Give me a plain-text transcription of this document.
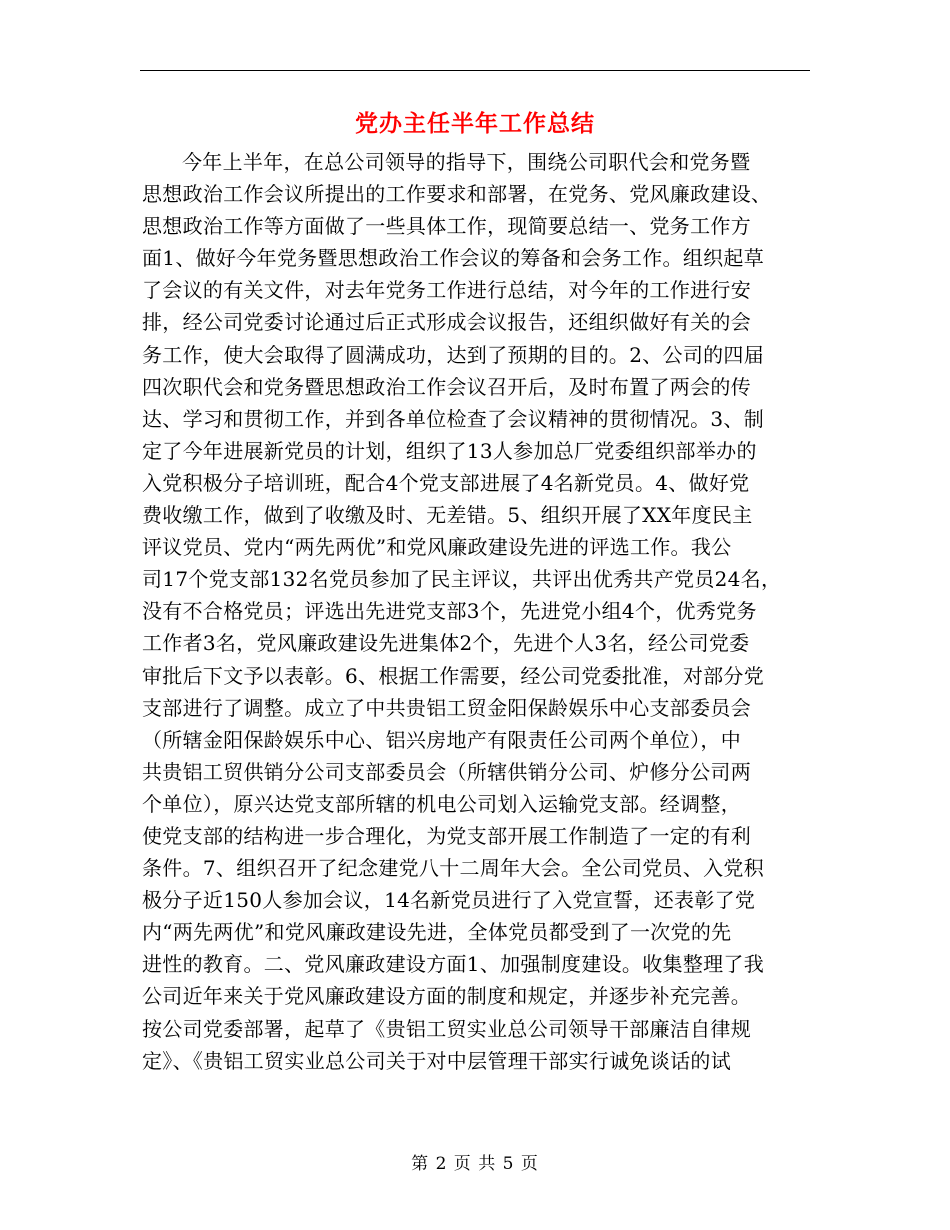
党办主任半年工作总结
今年上半年，在总公司领导的指导下，围绕公司职代会和党务暨
思想政治工作会议所提出的工作要求和部署，在党务、党风廉政建设、
思想政治工作等方面做了一些具体工作，现简要总结一、党务工作方
面1、做好今年党务暨思想政治工作会议的筹备和会务工作。组织起草
了会议的有关文件，对去年党务工作进行总结，对今年的工作进行安
排，经公司党委讨论通过后正式形成会议报告，还组织做好有关的会
务工作，使大会取得了圆满成功，达到了预期的目的。2、公司的四届
四次职代会和党务暨思想政治工作会议召开后，及时布置了两会的传
达、学习和贯彻工作，并到各单位检查了会议精神的贯彻情况。3、制
定了今年进展新党员的计划，组织了13人参加总厂党委组织部举办的
入党积极分子培训班，配合4个党支部进展了4名新党员。4、做好党
费收缴工作，做到了收缴及时、无差错。5、组织开展了XX年度民主
评议党员、党内“两先两优”和党风廉政建设先进的评选工作。我公
司17个党支部132名党员参加了民主评议，共评出优秀共产党员24名，
没有不合格党员；评选出先进党支部3个，先进党小组4个，优秀党务
工作者3名，党风廉政建设先进集体2个，先进个人3名，经公司党委
审批后下文予以表彰。6、根据工作需要，经公司党委批准，对部分党
支部进行了调整。成立了中共贵铝工贸金阳保龄娱乐中心支部委员会
（所辖金阳保龄娱乐中心、铝兴房地产有限责任公司两个单位），中
共贵铝工贸供销分公司支部委员会（所辖供销分公司、炉修分公司两
个单位），原兴达党支部所辖的机电公司划入运输党支部。经调整，
使党支部的结构进一步合理化，为党支部开展工作制造了一定的有利
条件。7、组织召开了纪念建党八十二周年大会。全公司党员、入党积
极分子近150人参加会议，14名新党员进行了入党宣誓，还表彰了党
内“两先两优”和党风廉政建设先进，全体党员都受到了一次党的先
进性的教育。二、党风廉政建设方面1、加强制度建设。收集整理了我
公司近年来关于党风廉政建设方面的制度和规定，并逐步补充完善。
按公司党委部署，起草了《贵铝工贸实业总公司领导干部廉洁自律规
定》、《贵铝工贸实业总公司关于对中层管理干部实行诚免谈话的试
第 2 页 共 5 页
